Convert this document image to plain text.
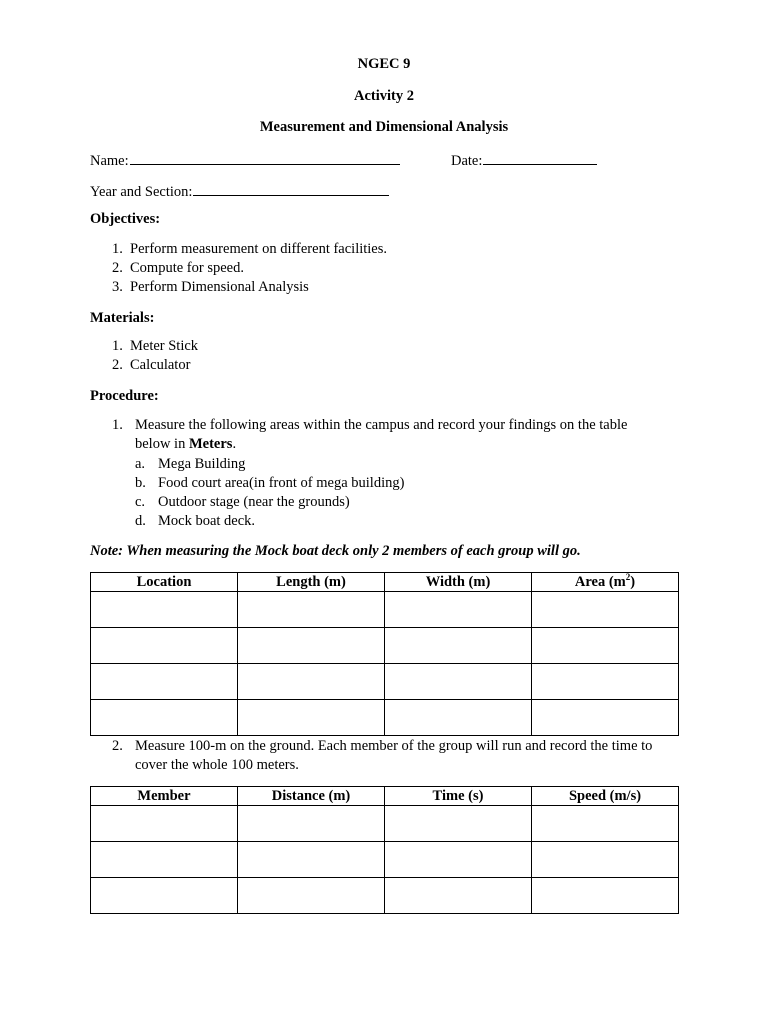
NGEC 9
Activity 2
Measurement and Dimensional Analysis
Name:	Date:
Year and Section:
Objectives:
1. Perform measurement on different facilities.
2. Compute for speed.
3. Perform Dimensional Analysis
Materials:
1. Meter Stick
2. Calculator
Procedure:
1. Measure the following areas within the campus and record your findings on the table
below in Meters.
a. Mega Building
b. Food court area(in front of mega building)
c. Outdoor stage (near the grounds)
d. Mock boat deck.
Note: When measuring the Mock boat deck only 2 members of each group will go.
Location	Length (m)	Width (m)	Area $(m^2)$

2. Measure 100-m on the ground. Each member of the group will run and record the time to
cover the whole 100 meters.
Member	Distance (m)	Time (s)	Speed (m/s)
